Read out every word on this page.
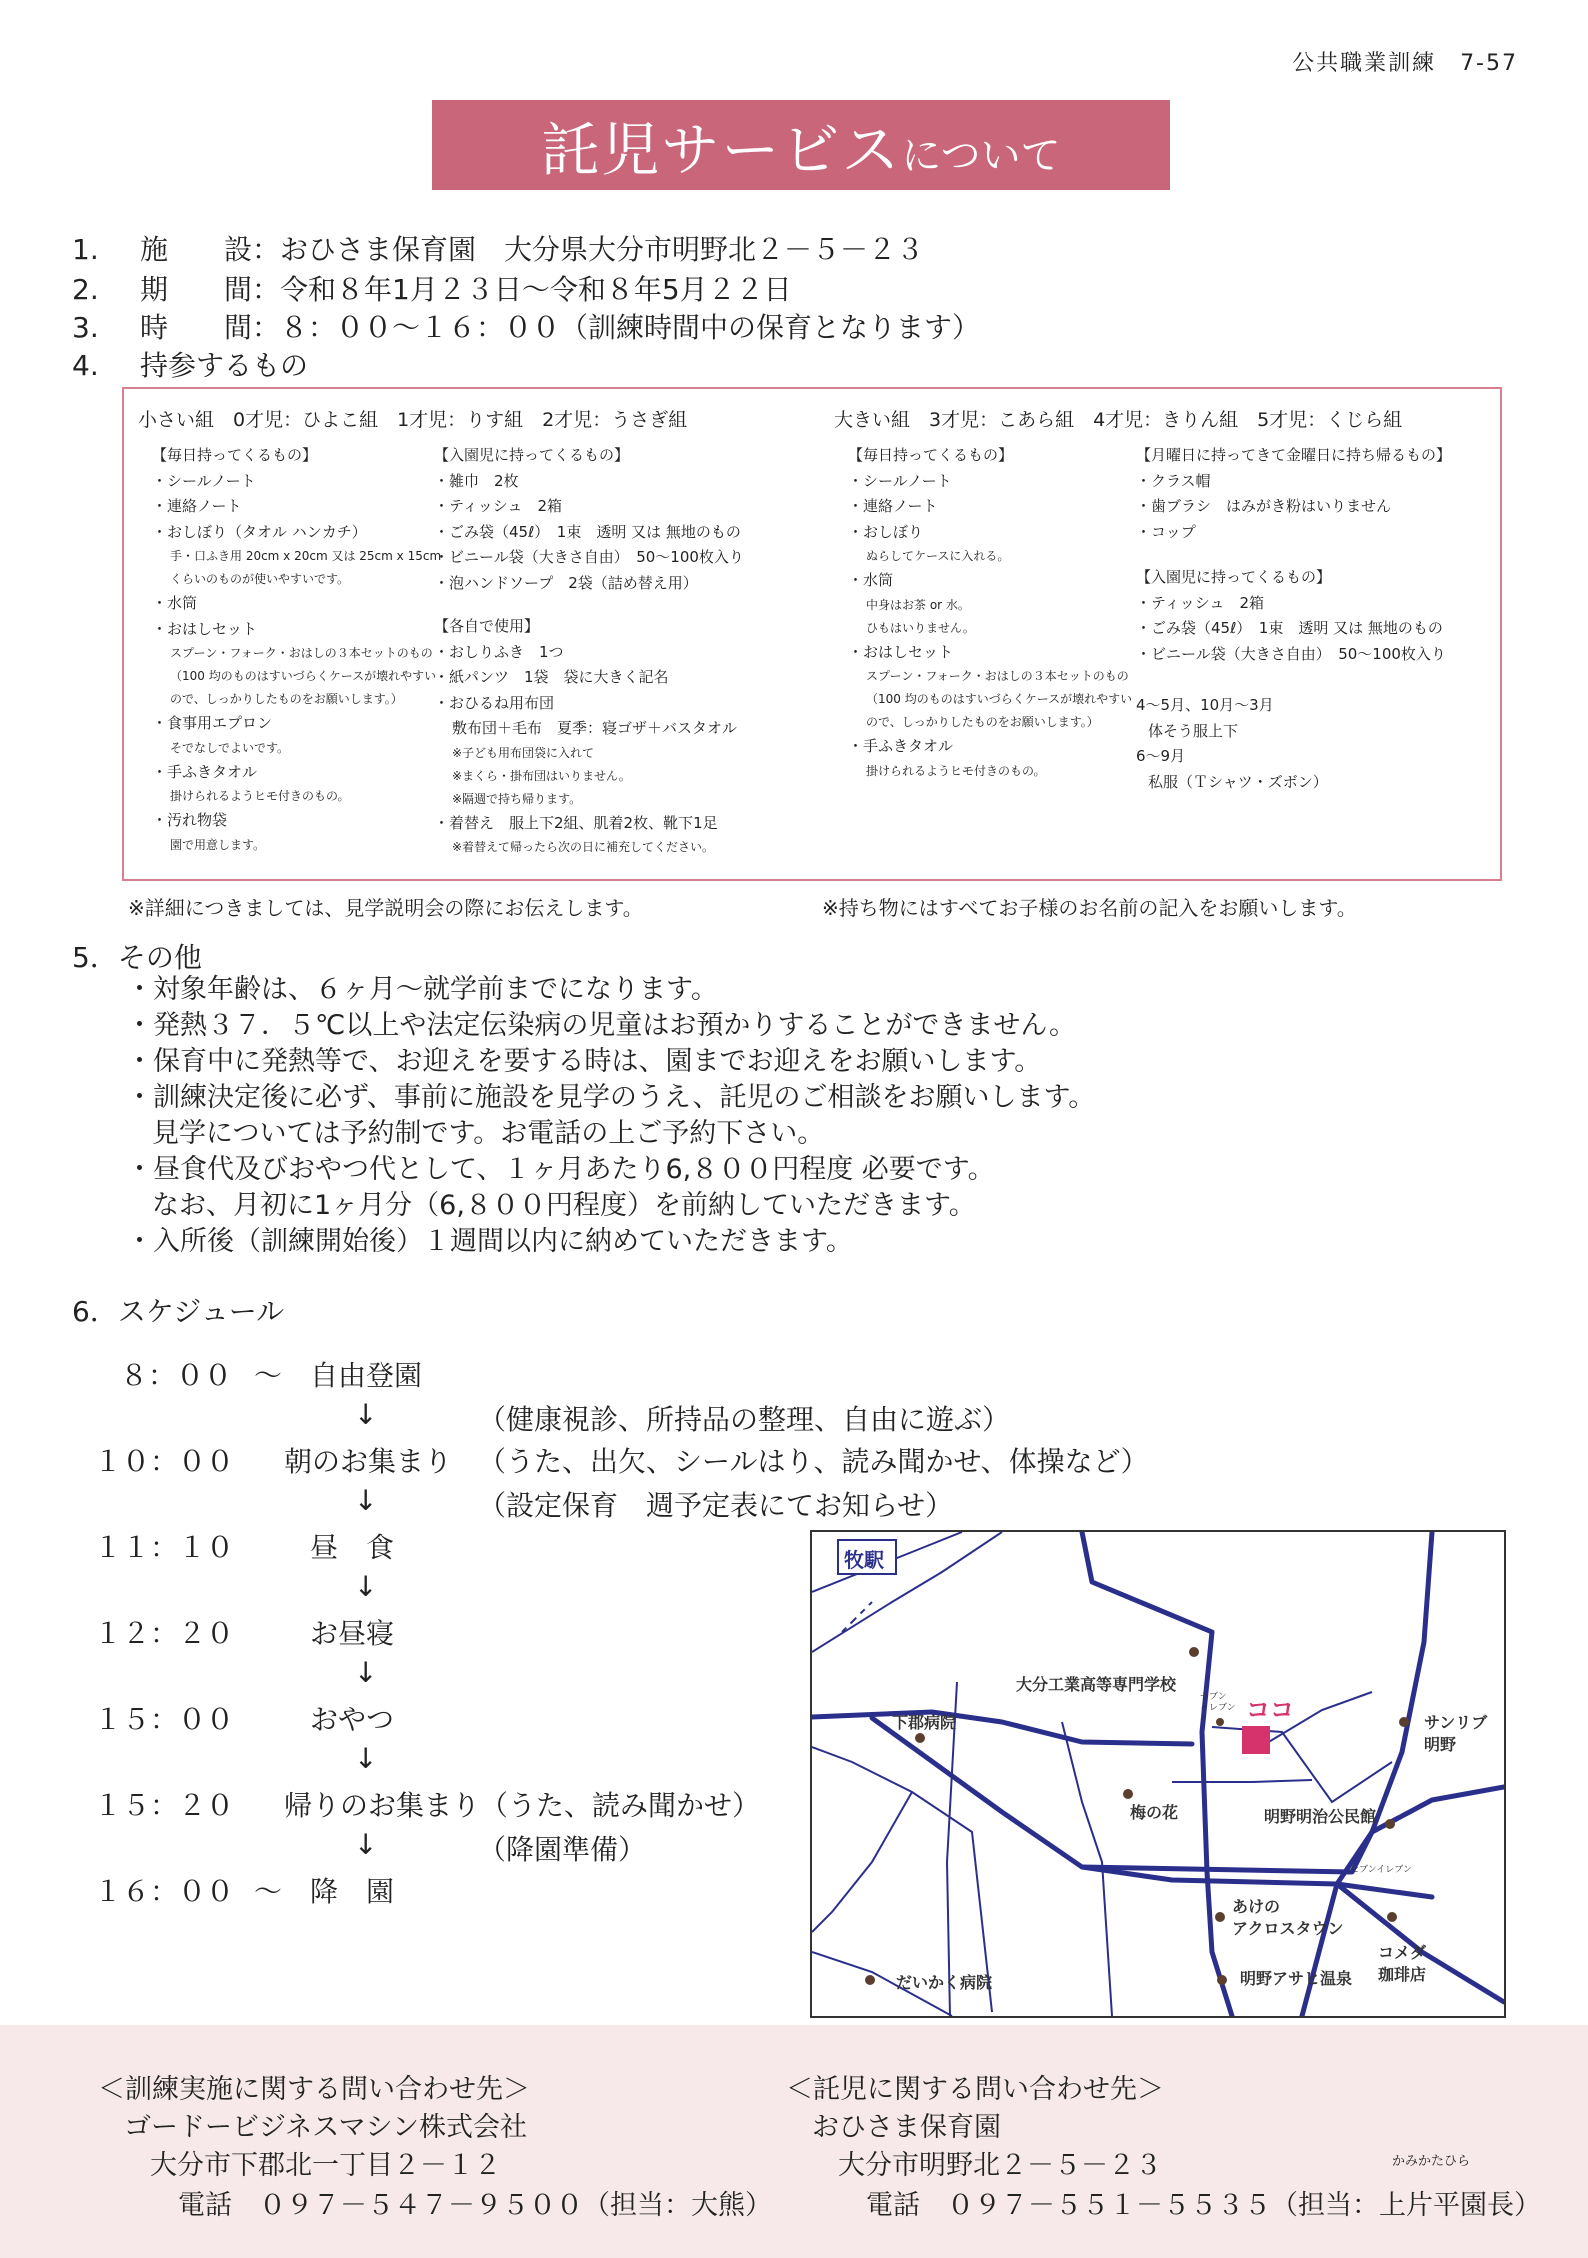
公共職業訓練　7-57
託児サービス について
1. 施　　設：おひさま保育園　大分県大分市明野北２－５－２３
2. 期　　間：令和８年1月２３日～令和８年5月２２日
3. 時　　間：８：００～１６：００（訓練時間中の保育となります）
4. 持参するもの
小さい組　0才児：ひよこ組　1才児：りす組　2才児：うさぎ組	大きい組　3才児：こあら組　4才児：きりん組　5才児：くじら組
【毎日持ってくるもの】
・シールノート
・連絡ノート
・おしぼり（タオル ハンカチ）
手・口ふき用 20cm x 20cm 又は 25cm x 15cm
くらいのものが使いやすいです。
・水筒
・おはしセット
スプーン・フォーク・おはしの３本セットのもの
（100 均のものはすいづらくケースが壊れやすい
ので、しっかりしたものをお願いします。）
・食事用エプロン
そでなしでよいです。
・手ふきタオル
掛けられるようヒモ付きのもの。
・汚れ物袋
園で用意します。
【入園児に持ってくるもの】
・雑巾　2枚
・ティッシュ　2箱
・ごみ袋（45ℓ）　1束　透明 又は 無地のもの
・ビニール袋（大きさ自由）　50～100枚入り
・泡ハンドソープ　2袋（詰め替え用）
【各自で使用】
・おしりふき　1つ
・紙パンツ　1袋　袋に大きく記名
・おひるね用布団
敷布団＋毛布　夏季：寝ゴザ＋バスタオル
※子ども用布団袋に入れて
※まくら・掛布団はいりません。
※隔週で持ち帰ります。
・着替え　服上下2組、肌着2枚、靴下1足
※着替えて帰ったら次の日に補充してください。
【毎日持ってくるもの】
・シールノート
・連絡ノート
・おしぼり
ぬらしてケースに入れる。
・水筒
中身はお茶 or 水。
ひもはいりません。
・おはしセット
スプーン・フォーク・おはしの３本セットのもの
（100 均のものはすいづらくケースが壊れやすい
ので、しっかりしたものをお願いします。）
・手ふきタオル
掛けられるようヒモ付きのもの。
【月曜日に持ってきて金曜日に持ち帰るもの】
・クラス帽
・歯ブラシ　はみがき粉はいりません
・コップ
【入園児に持ってくるもの】
・ティッシュ　2箱
・ごみ袋（45ℓ）　1束　透明 又は 無地のもの
・ビニール袋（大きさ自由）　50～100枚入り
4～5月、10月～3月
体そう服上下
6～9月
私服（Ｔシャツ・ズボン）
※詳細につきましては、見学説明会の際にお伝えします。	※持ち物にはすべてお子様のお名前の記入をお願いします。
5．その他
・対象年齢は、６ヶ月～就学前までになります。
・発熱３７．５℃以上や法定伝染病の児童はお預かりすることができません。
・保育中に発熱等で、お迎えを要する時は、園までお迎えをお願いします。
・訓練決定後に必ず、事前に施設を見学のうえ、託児のご相談をお願いします。
見学については予約制です。お電話の上ご予約下さい。
・昼食代及びおやつ代として、１ヶ月あたり6,８００円程度 必要です。
なお、月初に1ヶ月分（6,８００円程度）を前納していただきます。
・入所後（訓練開始後）１週間以内に納めていただきます。
6．スケジュール
８：００ ～ 自由登園
↓	（健康視診、所持品の整理、自由に遊ぶ）
１０：００ 朝のお集まり （うた、出欠、シールはり、読み聞かせ、体操など）
↓	（設定保育　週予定表にてお知らせ）
１１：１０	昼　食
↓
１２：２０	お昼寝
↓
１５：００	おやつ
↓
１５：２０ 帰りのお集まり（うた、読み聞かせ）
↓	（降園準備）
１６：００ ～ 降　園
牧駅
ココ
大分工業高等専門学校
セブン
イレブン
サンリブ
明野
下郡病院
梅の花	明野明治公民館
セブンイレブン
あけの
アクロスタウン
明野アサヒ温泉
コメダ
珈琲店
だいかく病院
＜訓練実施に関する問い合わせ先＞
ゴードービジネスマシン株式会社
大分市下郡北一丁目２－１２
電話　０９７－５４７－９５００（担当：大熊）
＜託児に関する問い合わせ先＞
おひさま保育園
大分市明野北２－５－２３	かみかたひら
電話　０９７－５５１－５５３５（担当：上片平園長）
